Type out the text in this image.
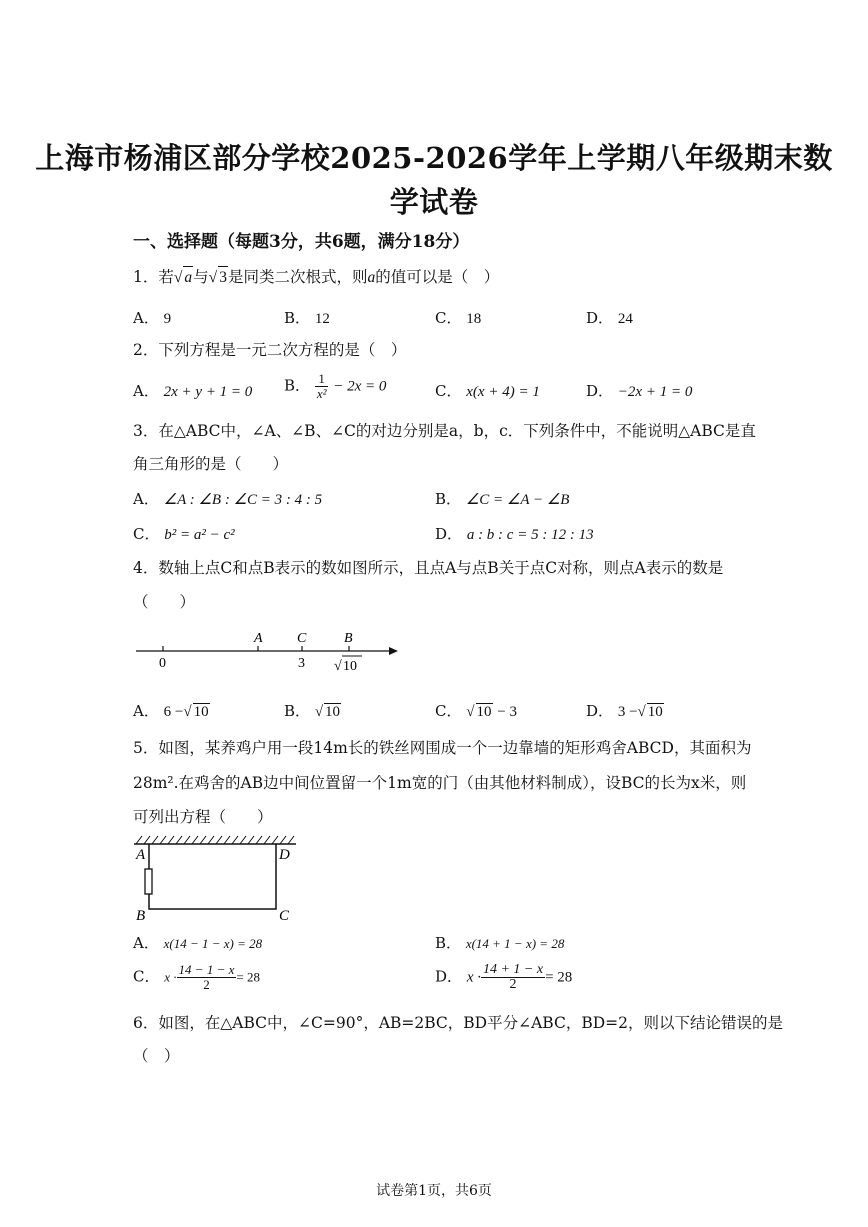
上海市杨浦区部分学校2025-2026学年上学期八年级期末数
学试卷
一、选择题（每题3分，共6题，满分18分）
1．若√ a与√ 3是同类二次根式，则a的值可以是（　）
A． 9	B． 12	C． 18	D． 24
2．下列方程是一元二次方程的是（　）
A． 2x + y + 1 = 0 B． $\frac{1}{\text{x²}} - 2x = 0$	C． x(x + 4) = 1	D． −2x + 1 = 0
3．在△ABC中，∠A、∠B、∠C的对边分别是a，b，c．下列条件中，不能说明△ABC是直
角三角形的是（　　）
A． ∠A : ∠B : ∠C = 3 : 4 : 5	B． ∠C = ∠A − ∠B
C． b² = a² − c²	D． a : b : c = 5 : 12 : 13
4．数轴上点C和点B表示的数如图所示，且点A与点B关于点C对称，则点A表示的数是
（　　）
A C	B
0	3 √ 10
A． 6 −√ 10	B． √ 10	C． √ 10 − 3	D． 3 −√ 10
5．如图，某养鸡户用一段14m长的铁丝网围成一个一边靠墙的矩形鸡舍ABCD，其面积为
28m².在鸡舍的AB边中间位置留一个1m宽的门（由其他材料制成），设BC的长为x米，则
可列出方程（　　）
A	D
B	C
A． x(14 − 1 − x) = 28	B． x(14 + 1 − x) = 28
C． $x \cdot \frac{14 - 1 - x}{2} = 28$	D． $x \cdot \frac{14 + 1 - x}{2} = 28$
6．如图，在△ABC中，∠C=90°，AB=2BC，BD平分∠ABC，BD=2，则以下结论错误的是
（　）
试卷第1页，共6页
